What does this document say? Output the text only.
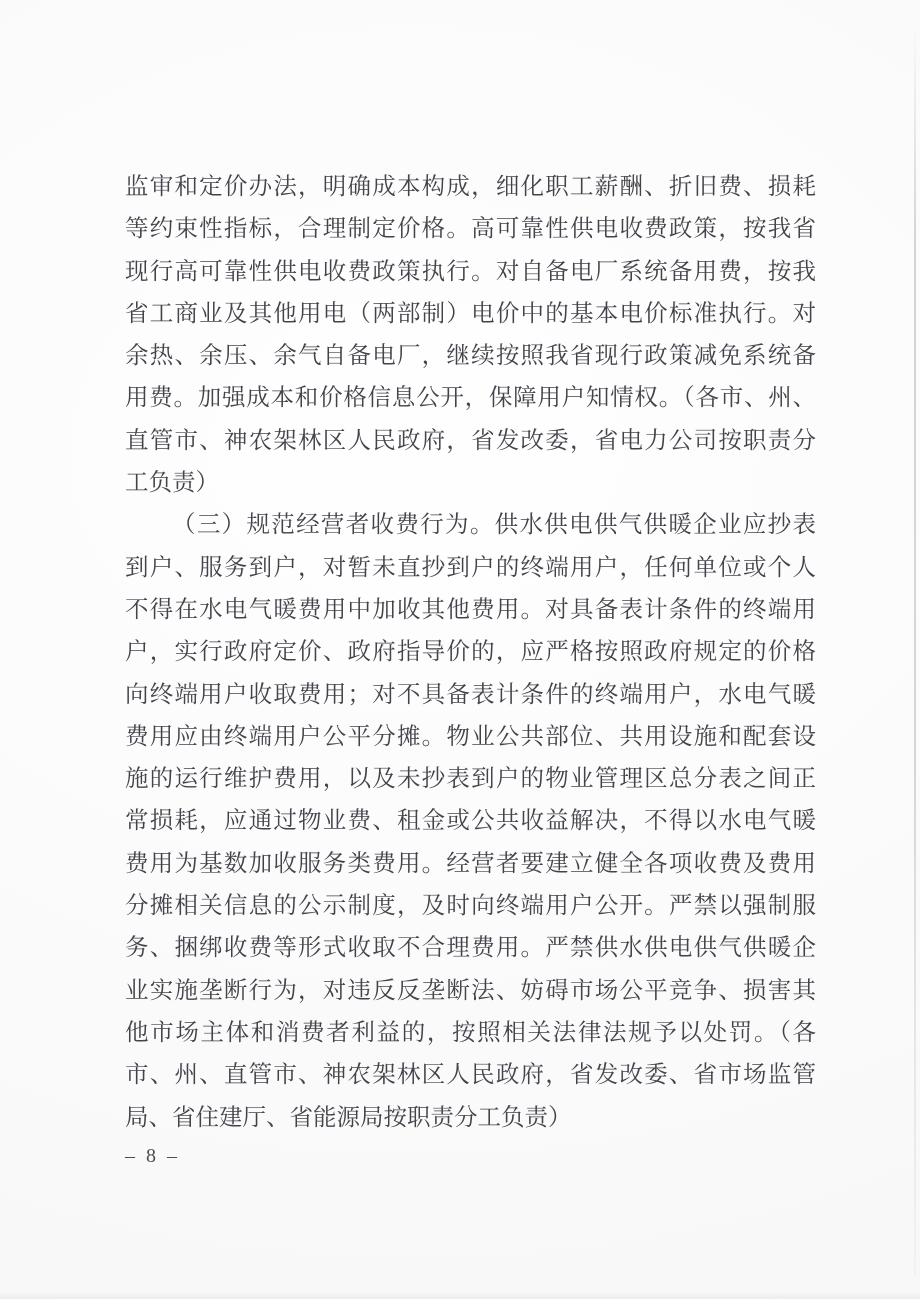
监审和定价办法，明确成本构成，细化职工薪酬、折旧费、损耗
等约束性指标，合理制定价格。高可靠性供电收费政策，按我省
现行高可靠性供电收费政策执行。对自备电厂系统备用费，按我
省工商业及其他用电（两部制）电价中的基本电价标准执行。对
余热、余压、余气自备电厂，继续按照我省现行政策减免系统备
用费。加强成本和价格信息公开，保障用户知情权。（各市、州、
直管市、神农架林区人民政府，省发改委，省电力公司按职责分
工负责）
（三）规范经营者收费行为。供水供电供气供暖企业应抄表
到户、服务到户，对暂未直抄到户的终端用户，任何单位或个人
不得在水电气暖费用中加收其他费用。对具备表计条件的终端用
户，实行政府定价、政府指导价的，应严格按照政府规定的价格
向终端用户收取费用；对不具备表计条件的终端用户，水电气暖
费用应由终端用户公平分摊。物业公共部位、共用设施和配套设
施的运行维护费用，以及未抄表到户的物业管理区总分表之间正
常损耗，应通过物业费、租金或公共收益解决，不得以水电气暖
费用为基数加收服务类费用。经营者要建立健全各项收费及费用
分摊相关信息的公示制度，及时向终端用户公开。严禁以强制服
务、捆绑收费等形式收取不合理费用。严禁供水供电供气供暖企
业实施垄断行为，对违反反垄断法、妨碍市场公平竞争、损害其
他市场主体和消费者利益的，按照相关法律法规予以处罚。（各
市、州、直管市、神农架林区人民政府，省发改委、省市场监管
局、省住建厅、省能源局按职责分工负责）
– 8 –
